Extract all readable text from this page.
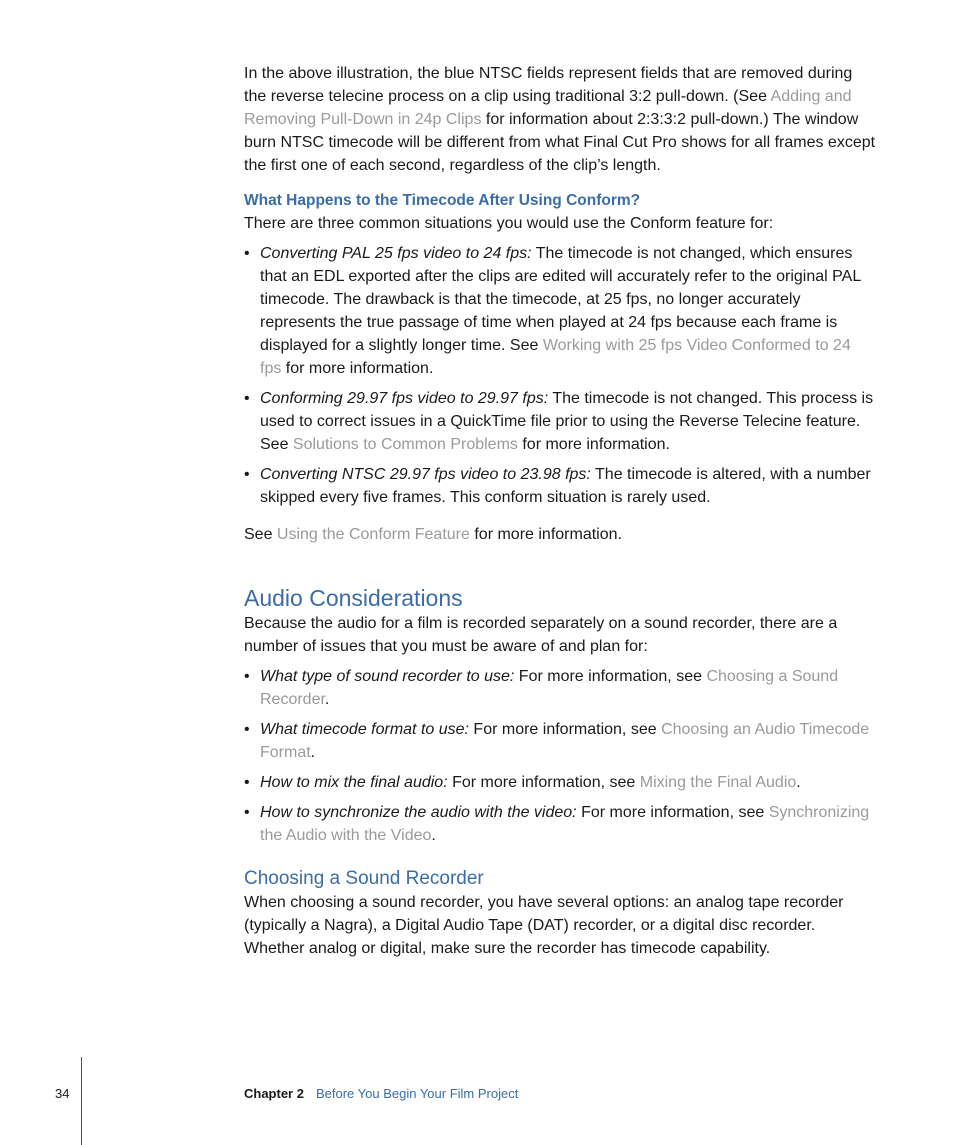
In the above illustration, the blue NTSC fields represent fields that are removed during the reverse telecine process on a clip using traditional 3:2 pull-down. (See Adding and Removing Pull-Down in 24p Clips for information about 2:3:3:2 pull-down.) The window burn NTSC timecode will be different from what Final Cut Pro shows for all frames except the first one of each second, regardless of the clip’s length.

What Happens to the Timecode After Using Conform?

There are three common situations you would use the Conform feature for:

• Converting PAL 25 fps video to 24 fps: The timecode is not changed, which ensures that an EDL exported after the clips are edited will accurately refer to the original PAL timecode. The drawback is that the timecode, at 25 fps, no longer accurately represents the true passage of time when played at 24 fps because each frame is displayed for a slightly longer time. See Working with 25 fps Video Conformed to 24 fps for more information.
• Conforming 29.97 fps video to 29.97 fps: The timecode is not changed. This process is used to correct issues in a QuickTime file prior to using the Reverse Telecine feature. See Solutions to Common Problems for more information.
• Converting NTSC 29.97 fps video to 23.98 fps: The timecode is altered, with a number skipped every five frames. This conform situation is rarely used.

See Using the Conform Feature for more information.

Audio Considerations

Because the audio for a film is recorded separately on a sound recorder, there are a number of issues that you must be aware of and plan for:

• What type of sound recorder to use: For more information, see Choosing a Sound Recorder.
• What timecode format to use: For more information, see Choosing an Audio Timecode Format.
• How to mix the final audio: For more information, see Mixing the Final Audio.
• How to synchronize the audio with the video: For more information, see Synchronizing the Audio with the Video.
Choosing a Sound Recorder

When choosing a sound recorder, you have several options: an analog tape recorder (typically a Nagra), a Digital Audio Tape (DAT) recorder, or a digital disc recorder. Whether analog or digital, make sure the recorder has timecode capability.

34	Chapter 2 Before You Begin Your Film Project
